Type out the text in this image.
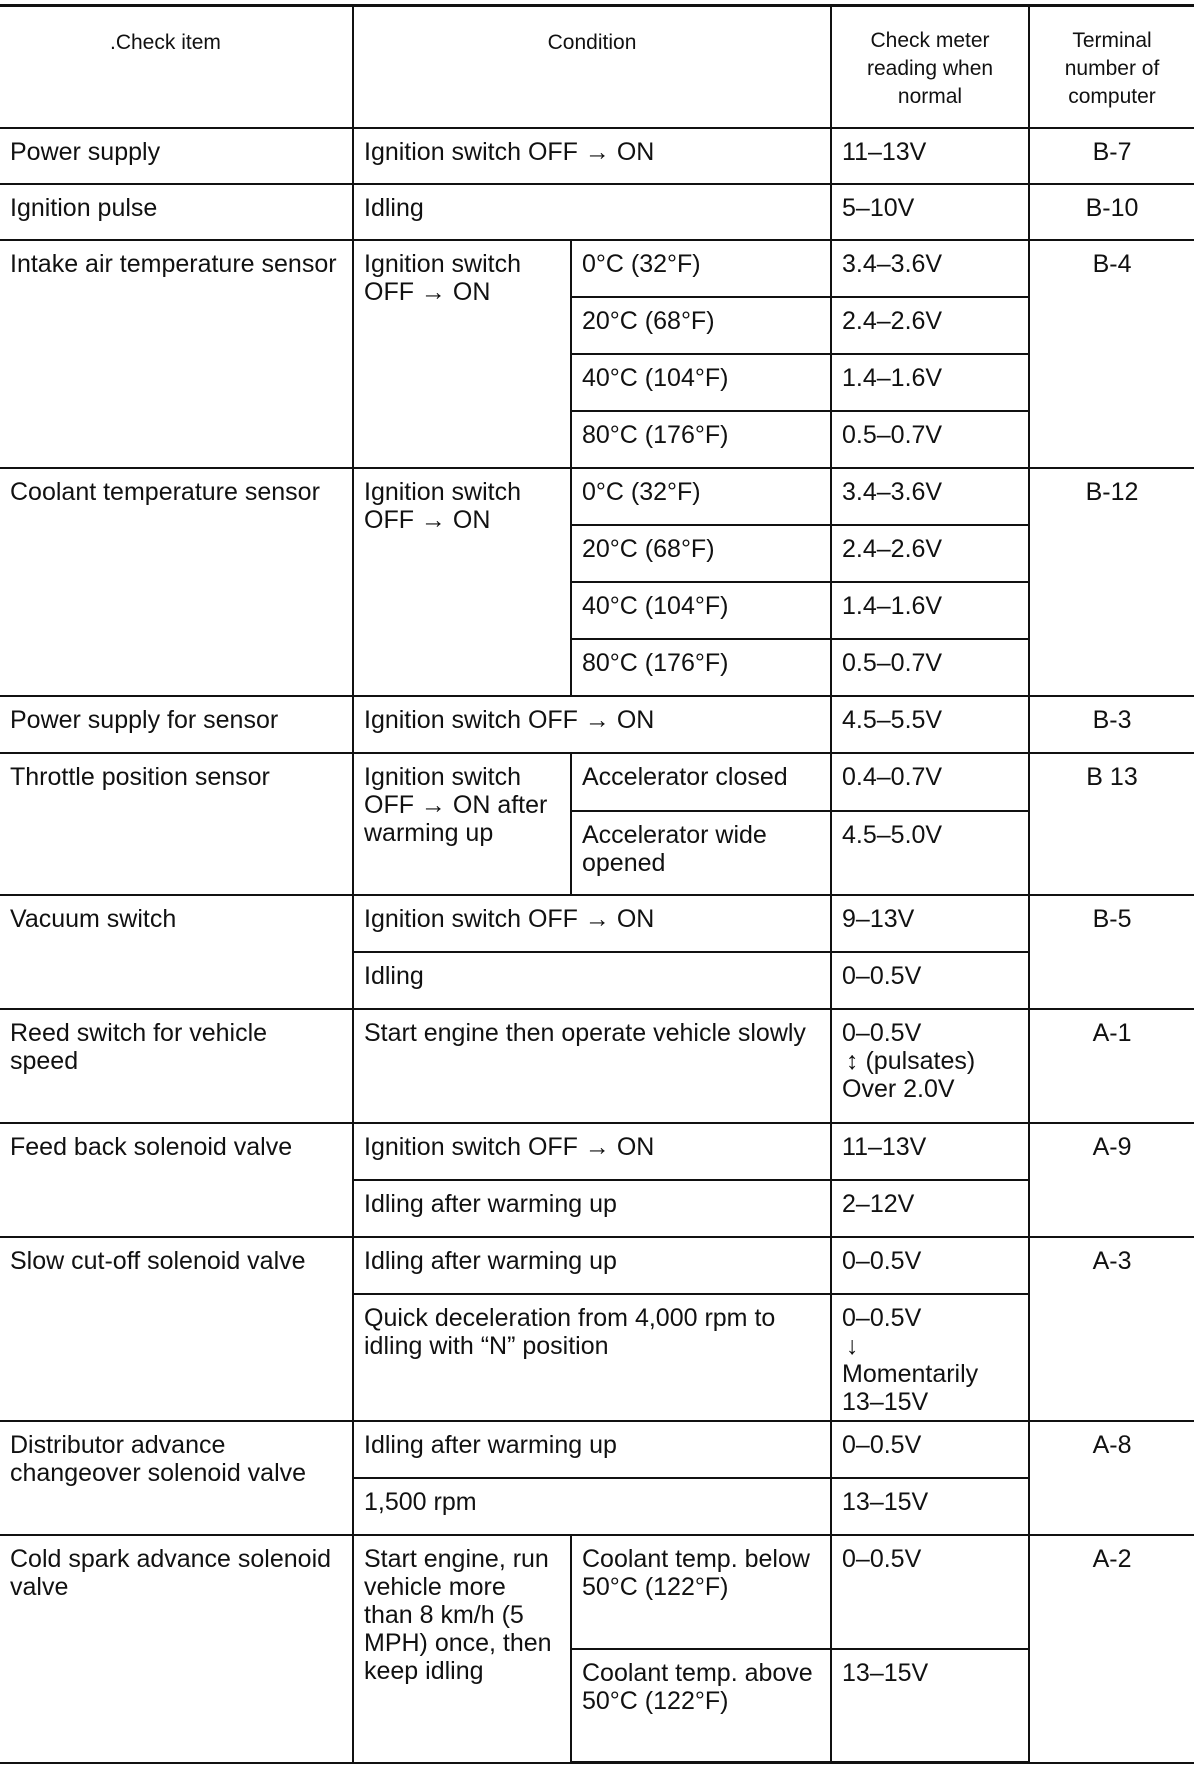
.Check item	Condition		Check meter reading when normal	Terminal number of computer
Power supply	Ignition switch OFF → ON		11–13V	B-7
Ignition pulse	Idling		5–10V	B-10
Intake air temperature sensor	Ignition switch OFF → ON	0°C (32°F)	3.4–3.6V	B-4
		20°C (68°F)	2.4–2.6V	
		40°C (104°F)	1.4–1.6V	
		80°C (176°F)	0.5–0.7V	
Coolant temperature sensor	Ignition switch OFF → ON	0°C (32°F)	3.4–3.6V	B-12
		20°C (68°F)	2.4–2.6V	
		40°C (104°F)	1.4–1.6V	
		80°C (176°F)	0.5–0.7V	
Power supply for sensor	Ignition switch OFF → ON		4.5–5.5V	B-3
Throttle position sensor	Ignition switch OFF → ON after warming up	Accelerator closed	0.4–0.7V	B 13
		Accelerator wide opened	4.5–5.0V	
Vacuum switch	Ignition switch OFF → ON		9–13V	B-5
	Idling		0–0.5V	
Reed switch for vehicle speed	Start engine then operate vehicle slowly		0–0.5V
↕ (pulsates)
Over 2.0V	A-1
Feed back solenoid valve	Ignition switch OFF → ON		11–13V	A-9
	Idling after warming up		2–12V	
Slow cut-off solenoid valve	Idling after warming up		0–0.5V	A-3
	Quick deceleration from 4,000 rpm to idling with “N” position		0–0.5V
↓
Momentarily 13–15V	

Distributor advance changeover solenoid valve	Idling after warming up		0–0.5V	A-8
	1,500 rpm		13–15V	
Cold spark advance solenoid valve	Start engine, run vehicle more than 8 km/h (5 MPH) once, then keep idling	Coolant temp. below 50°C (122°F)	0–0.5V	A-2
		Coolant temp. above 50°C (122°F)	13–15V	
